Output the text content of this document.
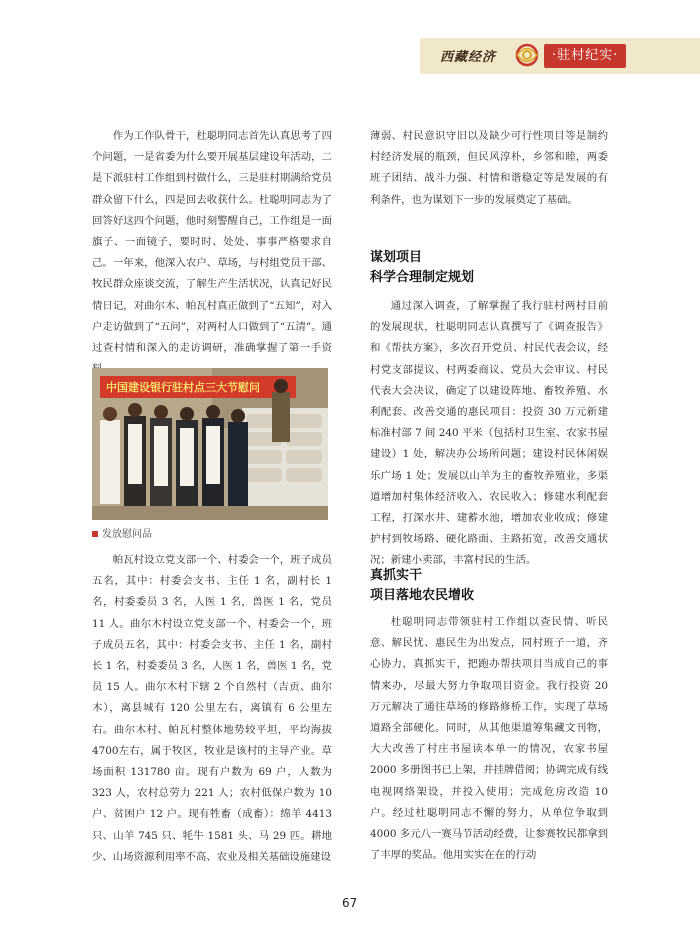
西藏经济	·驻村纪实·

作为工作队骨干，杜聪明同志首先认真思考了四个问题，一是省委为什么要开展基层建设年活动，二是下派驻村工作组到村做什么，三是驻村期满给党员群众留下什么，四是回去收获什么。杜聪明同志为了回答好这四个问题，他时刻警醒自己，工作组是一面旗子、一面镜子，要时时、处处、事事严格要求自己。一年来，他深入农户、草场，与村组党员干部、牧民群众座谈交流，了解生产生活状况，认真记好民情日记，对曲尔木、帕瓦村真正做到了“五知”，对入户走访做到了“五问”，对两村人口做到了“五清”。通过查村情和深入的走访调研，准确掌握了第一手资

中国建设银行驻村点三大节慰问
发放慰问品

帕瓦村设立党支部一个、村委会一个，班子成员五名，其中：村委会支书、主任 1 名，副村长 1 名，村委委员 3 名，人医 1 名，兽医 1 名，党员 11 人。曲尔木村设立党支部一个、村委会一个，班子成员五名，其中：村委会支书、主任 1 名，副村长 1 名，村委委员 3 名，人医 1 名，兽医 1 名，党员 15 人。曲尔木村下辖 2 个自然村（吉贡、曲尔木），离县城有 120 公里左右，离镇有 6 公里左右。曲尔木村、帕瓦村整体地势较平坦，平均海拔4700左右，属于牧区，牧业是该村的主导产业。草场面积 131780 亩。现有户数为 69 户，人数为 323 人，农村总劳力 221 人；农村低保户数为 10 户、贫困户 12 户。现有牲畜（成畜）：绵羊 4413 只、山羊 745 只、牦牛 1581 头、马 29 匹。耕地少、山场资源利用率不高、农业及相关基础设施建设

薄弱、村民意识守旧以及缺少可行性项目等是制约村经济发展的瓶颈，但民风淳朴，乡邻和睦，两委班子团结、战斗力强、村情和谐稳定等是发展的有利条件，也为谋划下一步的发展奠定了基础。

谋划项目
科学合理制定规划

通过深入调查，了解掌握了我行驻村两村目前的发展现状，杜聪明同志认真撰写了《调查报告》和《帮扶方案》，多次召开党员、村民代表会议，经村党支部提议、村两委商议、党员大会审议、村民代表大会决议，确定了以建设阵地、畜牧养殖、水利配套、改善交通的惠民项目：投资 30 万元新建标准村部 7 间 240 平米（包括村卫生室、农家书屋建设）1 处，解决办公场所问题；建设村民休闲娱乐广场 1 处；发展以山羊为主的畜牧养殖业，多渠道增加村集体经济收入、农民收入；修建水利配套工程，打深水井、建蓄水池，增加农业收成；修建护村到牧场路、硬化路面、主路拓宽，改善交通状况；新建小卖部，丰富村民的生活。

真抓实干
项目落地农民增收

杜聪明同志带领驻村工作组以查民情、听民意、解民忧、惠民生为出发点，同村班子一道，齐心协力，真抓实干，把跑办帮扶项目当成自己的事情来办，尽最大努力争取项目资金。我行投资 20 万元解决了通往草场的修路修桥工作，实现了草场道路全部硬化。同时，从其他渠道筹集藏文刊物，大大改善了村庄书屋读本单一的情况，农家书屋 2000 多册图书已上架，并挂牌借阅；协调完成有线电视网络架设，并投入使用；完成危房改造 10 户。经过杜聪明同志不懈的努力，从单位争取到 4000 多元八一赛马节活动经费，让参赛牧民都拿到了丰厚的奖品。他用实实在在的行动

67
